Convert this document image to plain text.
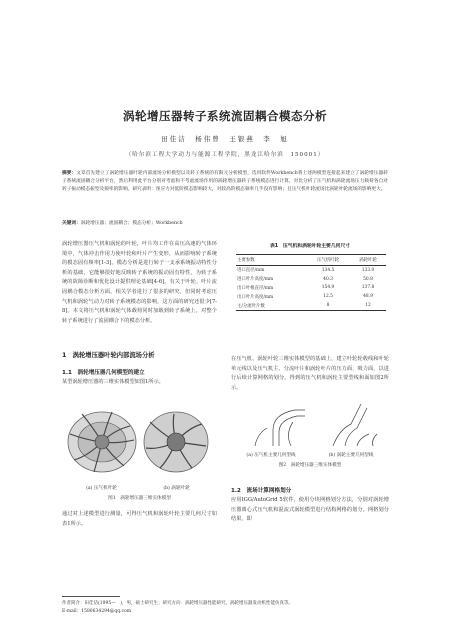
涡轮增压器转子系统流固耦合模态分析
田佳洁　杨伟曾　王银燕　李　旭
（哈尔滨工程大学动力与能源工程学院，黑龙江哈尔滨　150001）
摘要：文章首先建立了涡轮增压器叶轮内部流场分析模型以及转子系统的有限元分析模型，选用软件Workbench将上述两模型连接起来建立了涡轮增压器转子系统流固耦合分析平台，然后利用此平台分别对考虑和不考虑流场作用的涡轮增压器转子系统模态进行计算，对比分析了压气机和涡轮流场压力载荷各自对转子振动模态振型及频率的影响。研究表明：预应力对低阶模态影响较大，对较高阶模态频率几乎没有影响；且压气机叶轮流场比涡轮叶轮流场的影响更大。
关键词：涡轮增压器；流固耦合；模态分析；Workbench
涡轮增压器压气机和涡轮的叶轮，叶片均工作在高压高速的气体环境中，气体冲击作用力使叶轮和叶片产生变形，从而影响转子系统的模态固有频率[1-3]。模态分析是进行转子一支承系统振动特性分析的基础，它能够很好地反映转子系统的振动固有特性，为转子系统的故障诊断和优化设计提供理论基础[4-6]。有关于叶轮、叶片流固耦合模态分析方面，相关学者进行了很多的研究，但同时考虑压气机和涡轮气动力对转子系统模态的影响，这方面的研究还很少[7-8]。本文将压气机和涡轮气体载荷同时加载到转子系统上，对整个转子系统进行了流固耦合下的模态分析。
1　涡轮增压器叶轮内部流场分析
1.1　涡轮增压器几何模型的建立
某型涡轮增压器的三维实体模型如图1所示。
(a) 压气机叶轮	(b) 涡轮叶轮
图1　涡轮增压器三维实体模型
通过对上述模型进行测量，可得压气机和涡轮叶轮主要几何尺寸如表1所示。
表1　压气机和涡轮叶轮主要几何尺寸
主要参数	压气机叶轮	涡轮叶轮
进口直径/mm	134.5	133.0
进口叶片高度/mm	40.3	50.8
出口叶根直径/mm	154.9	137.8
出口叶片高度/mm	12.5	48.9
主/分流叶片数	8	12
在压气机、涡轮叶轮三维实体模型的基础上，建立叶轮轮毂线和叶轮单元线以及压气机主、分流叶片和涡轮叶片的压力面、吸力面，以进行后续计算网格的划分。得到的压气机和涡轮主要型线和面如图2所示。
(a) 压气机主要几何型线	(b) 涡轮主要几何型线
图2　涡轮增压器三维实体模型
1.2　流场计算网格划分
应用IGG/AutoGrid 5软件，使用分块网格划分方法，分别对涡轮增压器离心式压气机和混流式涡轮模型进行结构网格的划分。网格划分结果，即
作者简介：田佳洁(1995—　)，男，硕士研究生；研究方向：涡轮增压器性能研究，涡轮增压器发动机性能仿真等。
E-mail：1580634294@qq.com
